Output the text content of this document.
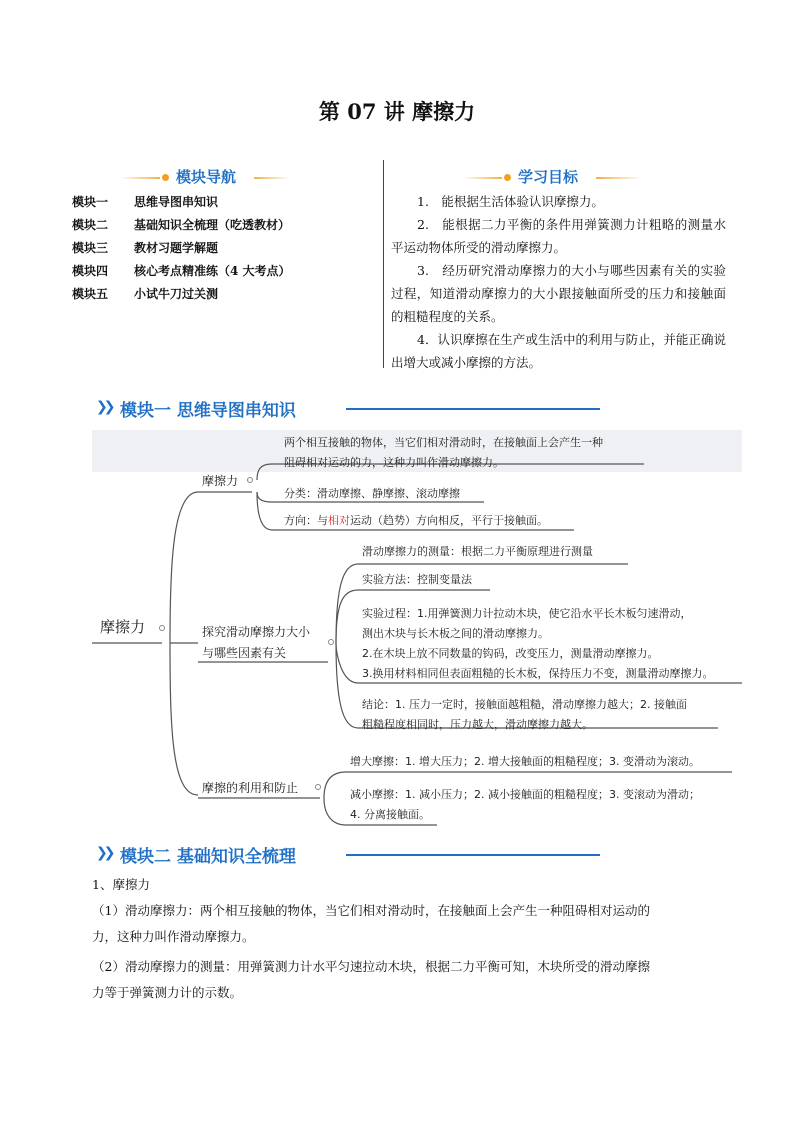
第 07 讲 摩擦力
模块导航
模块一 思维导图串知识
模块二 基础知识全梳理（吃透教材）
模块三 教材习题学解题
模块四 核心考点精准练（4 大考点）
模块五 小试牛刀过关测
学习目标
1.　能根据生活体验认识摩擦力。
2.　能根据二力平衡的条件用弹簧测力计粗略的测量水平运动物体所受的滑动摩擦力。
3.　经历研究滑动摩擦力的大小与哪些因素有关的实验过程，知道滑动摩擦力的大小跟接触面所受的压力和接触面的粗糙程度的关系。
4．认识摩擦在生产或生活中的利用与防止，并能正确说出增大或减小摩擦的方法。
❯❯ 模块一 思维导图串知识
两个相互接触的物体，当它们相对滑动时，在接触面上会产生一种
阻碍相对运动的力，这种力叫作滑动摩擦力。
摩擦力
摩擦力
分类：滑动摩擦、静摩擦、滚动摩擦
方向：与相对运动（趋势）方向相反，平行于接触面。
探究滑动摩擦力大小
与哪些因素有关
滑动摩擦力的测量：根据二力平衡原理进行测量
实验方法：控制变量法
实验过程：1.用弹簧测力计拉动木块，使它沿水平长木板匀速滑动，
测出木块与长木板之间的滑动摩擦力。
2.在木块上放不同数量的钩码，改变压力，测量滑动摩擦力。
3.换用材料相同但表面粗糙的长木板，保持压力不变，测量滑动摩擦力。
结论：1. 压力一定时，接触面越粗糙，滑动摩擦力越大；2. 接触面
粗糙程度相同时，压力越大，滑动摩擦力越大。
摩擦的利用和防止
增大摩擦：1. 增大压力；2. 增大接触面的粗糙程度；3. 变滑动为滚动。
减小摩擦：1. 减小压力；2. 减小接触面的粗糙程度；3. 变滚动为滑动；
4. 分离接触面。
❯❯ 模块二 基础知识全梳理
1、摩擦力
（1）滑动摩擦力：两个相互接触的物体，当它们相对滑动时，在接触面上会产生一种阻碍相对运动的
力，这种力叫作滑动摩擦力。
（2）滑动摩擦力的测量：用弹簧测力计水平匀速拉动木块，根据二力平衡可知，木块所受的滑动摩擦
力等于弹簧测力计的示数。
